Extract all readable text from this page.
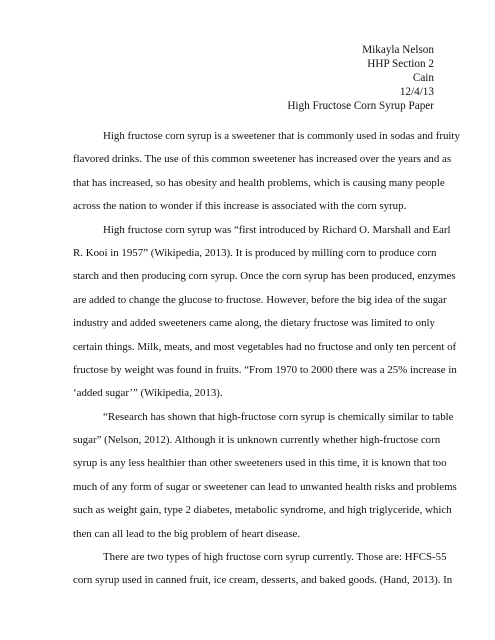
Mikayla Nelson
HHP Section 2
Cain
12/4/13
High Fructose Corn Syrup Paper
High fructose corn syrup is a sweetener that is commonly used in sodas and fruity
flavored drinks. The use of this common sweetener has increased over the years and as
that has increased, so has obesity and health problems, which is causing many people
across the nation to wonder if this increase is associated with the corn syrup.
High fructose corn syrup was “first introduced by Richard O. Marshall and Earl
R. Kooi in 1957” (Wikipedia, 2013). It is produced by milling corn to produce corn
starch and then producing corn syrup. Once the corn syrup has been produced, enzymes
are added to change the glucose to fructose. However, before the big idea of the sugar
industry and added sweeteners came along, the dietary fructose was limited to only
certain things. Milk, meats, and most vegetables had no fructose and only ten percent of
fructose by weight was found in fruits. “From 1970 to 2000 there was a 25% increase in
‘added sugar’” (Wikipedia, 2013).
“Research has shown that high-fructose corn syrup is chemically similar to table
sugar” (Nelson, 2012). Although it is unknown currently whether high-fructose corn
syrup is any less healthier than other sweeteners used in this time, it is known that too
much of any form of sugar or sweetener can lead to unwanted health risks and problems
such as weight gain, type 2 diabetes, metabolic syndrome, and high triglyceride, which
then can all lead to the big problem of heart disease.
There are two types of high fructose corn syrup currently. Those are: HFCS-55
corn syrup used in canned fruit, ice cream, desserts, and baked goods. (Hand, 2013). In
